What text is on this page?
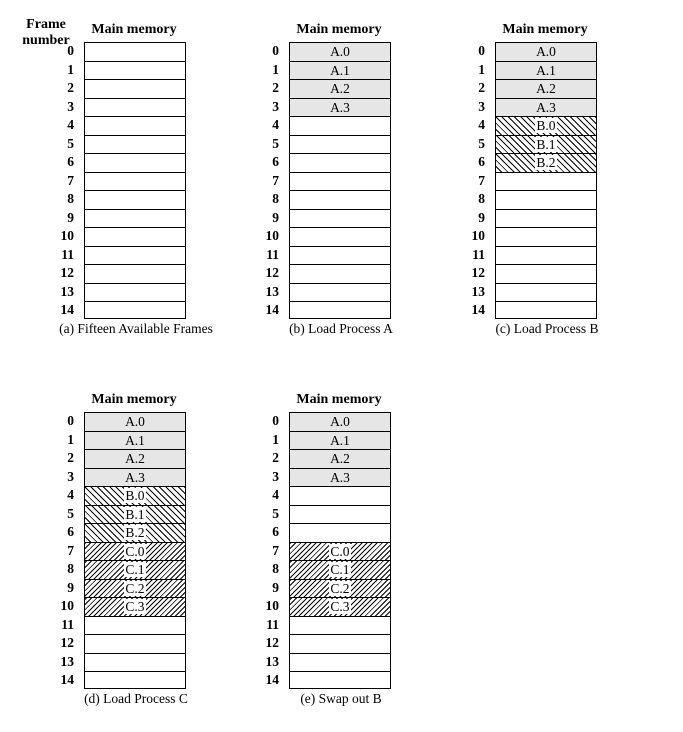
Frame
number
Main memory
0
1
2
3
4
5
6
7
8
9
10
11
12
13
14
(a) Fifteen Available Frames
Main memory
0
1
2
3
4
5
6
7
8
9
10
11
12
13
14
A.0
A.1
A.2
A.3
(b) Load Process A
Main memory
0
1
2
3
4
5
6
7
8
9
10
11
12
13
14
A.0
A.1
A.2
A.3
B.0
B.1
B.2
(c) Load Process B
Main memory
0
1
2
3
4
5
6
7
8
9
10
11
12
13
14
A.0
A.1
A.2
A.3
B.0
B.1
B.2
C.0
C.1
C.2
C.3
(d) Load Process C
Main memory
0
1
2
3
4
5
6
7
8
9
10
11
12
13
14
A.0
A.1
A.2
A.3
C.0
C.1
C.2
C.3
(e) Swap out B
